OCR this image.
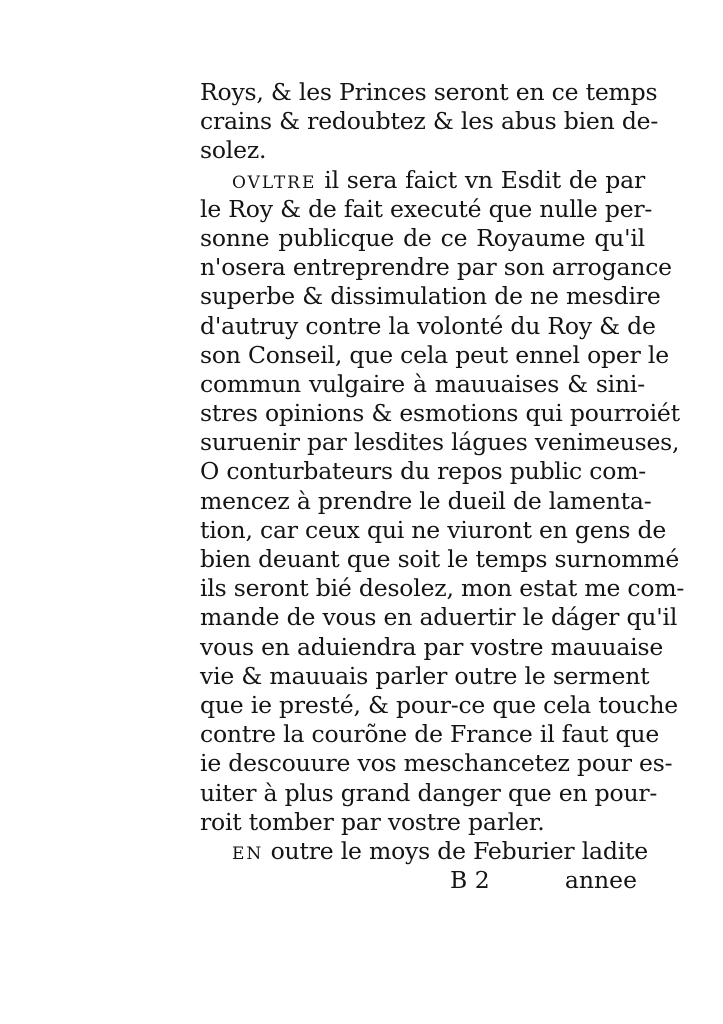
Roys, & les Princes seront en ce temps
crains & redoubtez & les abus bien de-
solez.
OVLTRE il sera faict vn Esdit de par
le Roy & de fait executé que nulle per-
sonne publicque de ce Royaume qu'il
n'osera entreprendre par son arrogance
superbe & dissimulation de ne mesdire
d'autruy contre la volonté du Roy & de
son Conseil, que cela peut ennel oper le
commun vulgaire à mauuaises & sini-
stres opinions & esmotions qui pourroiét
suruenir par lesdites lágues venimeuses,
O conturbateurs du repos public com-
mencez à prendre le dueil de lamenta-
tion, car ceux qui ne viuront en gens de
bien deuant que soit le temps surnommé
ils seront bié desolez, mon estat me com-
mande de vous en aduertir le dáger qu'il
vous en aduiendra par vostre mauuaise
vie & mauuais parler outre le serment
que ie presté, & pour-ce que cela touche
contre la courõne de France il faut que
ie descouure vos meschancetez pour es-
uiter à plus grand danger que en pour-
roit tomber par vostre parler.
EN outre le moys de Feburier ladite
B 2	annee
